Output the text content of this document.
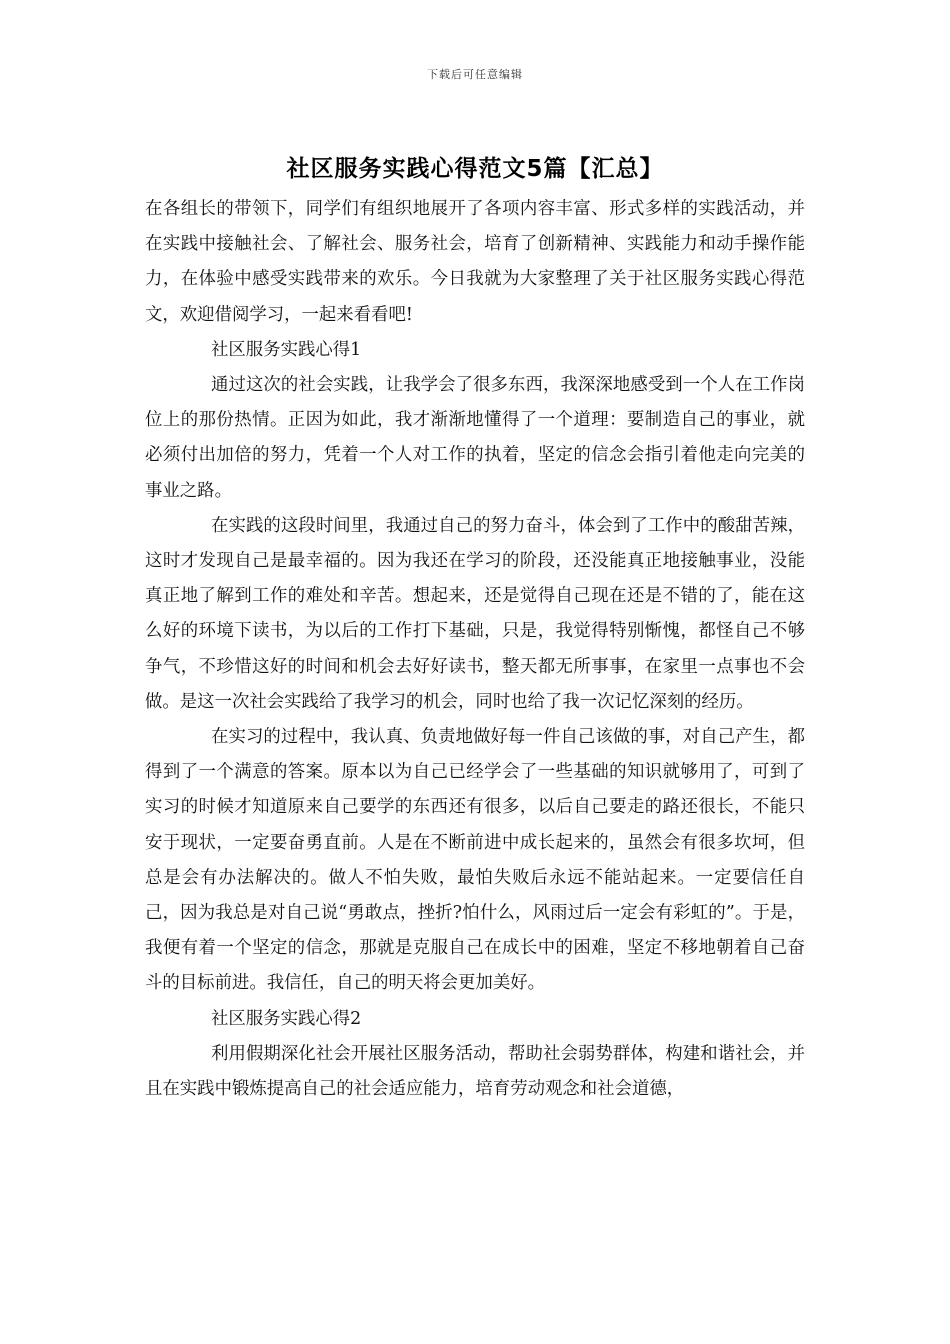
下载后可任意编辑
社区服务实践心得范文5篇【汇总】

在各组长的带领下，同学们有组织地展开了各项内容丰富、形式多样的实践活动，并在实践中接触社会、了解社会、服务社会，培育了创新精神、实践能力和动手操作能力，在体验中感受实践带来的欢乐。今日我就为大家整理了关于社区服务实践心得范文，欢迎借阅学习，一起来看看吧!

社区服务实践心得1

通过这次的社会实践，让我学会了很多东西，我深深地感受到一个人在工作岗位上的那份热情。正因为如此，我才渐渐地懂得了一个道理：要制造自己的事业，就必须付出加倍的努力，凭着一个人对工作的执着，坚定的信念会指引着他走向完美的事业之路。

在实践的这段时间里，我通过自己的努力奋斗，体会到了工作中的酸甜苦辣，这时才发现自己是最幸福的。因为我还在学习的阶段，还没能真正地接触事业，没能真正地了解到工作的难处和辛苦。想起来，还是觉得自己现在还是不错的了，能在这么好的环境下读书，为以后的工作打下基础，只是，我觉得特别惭愧，都怪自己不够争气，不珍惜这好的时间和机会去好好读书，整天都无所事事，在家里一点事也不会做。是这一次社会实践给了我学习的机会，同时也给了我一次记忆深刻的经历。

在实习的过程中，我认真、负责地做好每一件自己该做的事，对自己产生，都得到了一个满意的答案。原本以为自己已经学会了一些基础的知识就够用了，可到了实习的时候才知道原来自己要学的东西还有很多，以后自己要走的路还很长，不能只安于现状，一定要奋勇直前。人是在不断前进中成长起来的，虽然会有很多坎坷，但总是会有办法解决的。做人不怕失败，最怕失败后永远不能站起来。一定要信任自己，因为我总是对自己说“勇敢点，挫折?怕什么，风雨过后一定会有彩虹的”。于是，我便有着一个坚定的信念，那就是克服自己在成长中的困难，坚定不移地朝着自己奋斗的目标前进。我信任，自己的明天将会更加美好。

社区服务实践心得2

利用假期深化社会开展社区服务活动，帮助社会弱势群体，构建和谐社会，并且在实践中锻炼提高自己的社会适应能力，培育劳动观念和社会道德，
